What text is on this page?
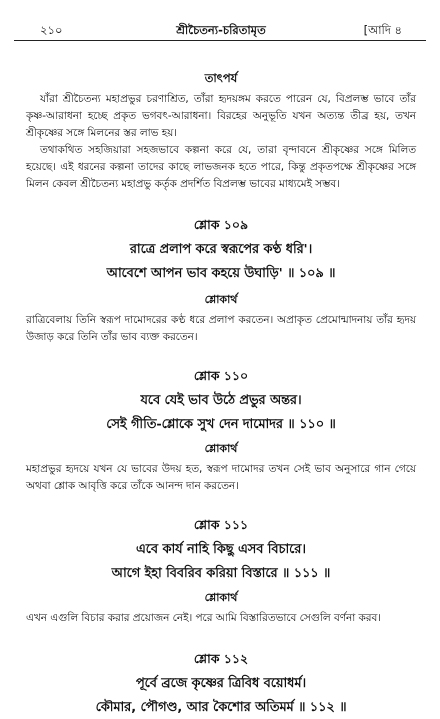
২১০	শ্রীচৈতন্য-চরিতামৃত	[আদি ৪

তাৎপর্য

যাঁরা শ্রীচৈতন্য মহাপ্রভুর চরণাশ্রিত, তাঁরা হৃদয়ঙ্গম করতে পারেন যে, বিপ্রলম্ভ ভাবে তাঁর কৃষ্ণ-আরাধনা হচ্ছে প্রকৃত ভগবৎ-আরাধনা। বিরহের অনুভূতি যখন অত্যন্ত তীব্র হয়, তখন শ্রীকৃষ্ণের সঙ্গে মিলনের স্তর লাভ হয়।

তথাকথিত সহজিয়ারা সহজভাবে কল্পনা করে যে, তারা বৃন্দাবনে শ্রীকৃষ্ণের সঙ্গে মিলিত হয়েছে। এই ধরনের কল্পনা তাদের কাছে লাভজনক হতে পারে, কিন্তু প্রকৃতপক্ষে শ্রীকৃষ্ণের সঙ্গে মিলন কেবল শ্রীচৈতন্য মহাপ্রভু কর্তৃক প্রদর্শিত বিপ্রলম্ভ ভাবের মাধ্যমেই সম্ভব।

শ্লোক ১০৯

রাত্রে প্রলাপ করে স্বরূপের কণ্ঠ ধরি'।

আবেশে আপন ভাব কহয়ে উঘাড়ি' ॥ ১০৯ ॥

শ্লোকার্থ

রাত্রিবেলায় তিনি স্বরূপ দামোদরের কণ্ঠ ধরে প্রলাপ করতেন। অপ্রাকৃত প্রেমোন্মাদনায় তাঁর হৃদয় উজাড় করে তিনি তাঁর ভাব ব্যক্ত করতেন।

শ্লোক ১১০

যবে যেই ভাব উঠে প্রভুর অন্তর।

সেই গীতি-শ্লোকে সুখ দেন দামোদর ॥ ১১০ ॥

শ্লোকার্থ

মহাপ্রভুর হৃদয়ে যখন যে ভাবের উদয় হত, স্বরূপ দামোদর তখন সেই ভাব অনুসারে গান গেয়ে অথবা শ্লোক আবৃত্তি করে তাঁকে আনন্দ দান করতেন।

শ্লোক ১১১

এবে কার্য নাহি কিছু এসব বিচারে।

আগে ইহা বিবরিব করিয়া বিস্তারে ॥ ১১১ ॥

শ্লোকার্থ

এখন এগুলি বিচার করার প্রয়োজন নেই। পরে আমি বিস্তারিতভাবে সেগুলি বর্ণনা করব।

শ্লোক ১১২

পূর্বে ব্রজে কৃষ্ণের ত্রিবিধ বয়োধর্ম।

কৌমার, পৌগণ্ড, আর কৈশোর অতিমর্ম ॥ ১১২ ॥
